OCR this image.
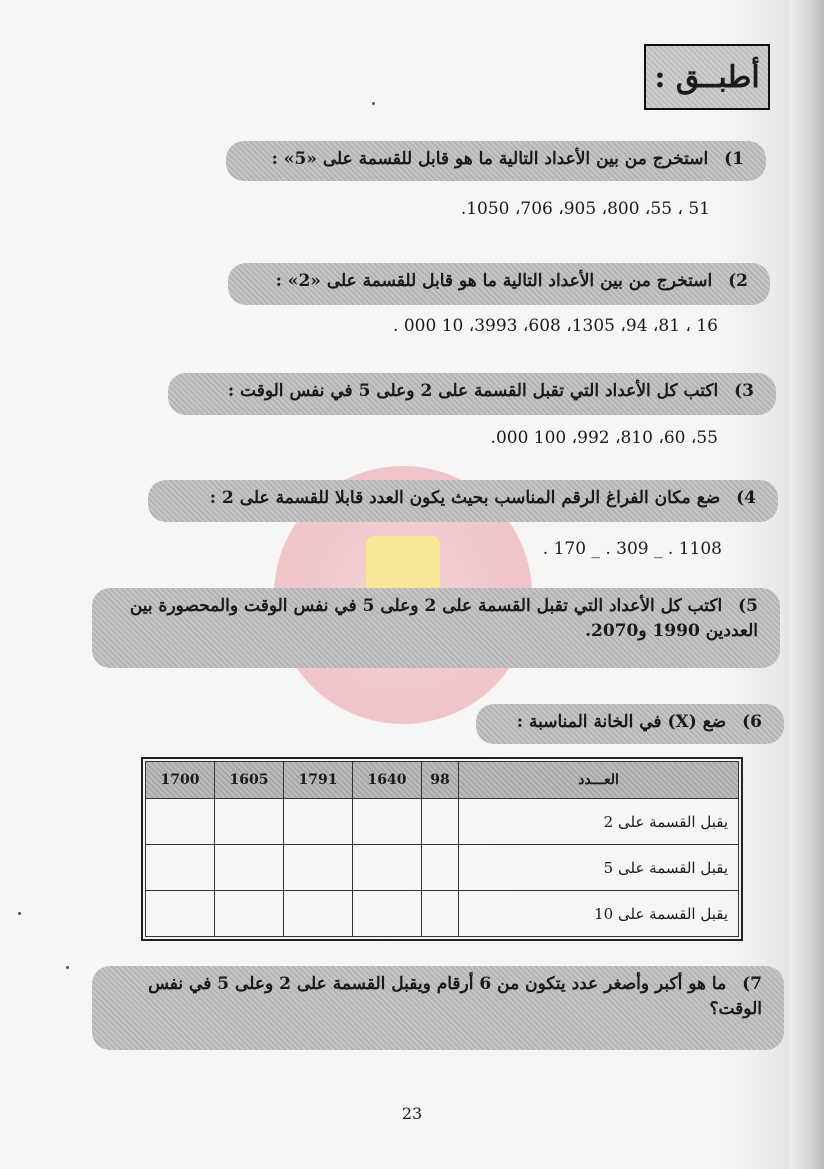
أطبــق :
1) استخرج من بين الأعداد التالية ما هو قابل للقسمة على «5» :
51 ، 55، 800، 905، 706، 1050.
2) استخرج من بين الأعداد التالية ما هو قابل للقسمة على «2» :
16 ، 81، 94، 1305، 608، 3993، 10 000 .
3) اكتب كل الأعداد التي تقبل القسمة على 2 وعلى 5 في نفس الوقت :
55، 60، 810، 992، 100 000.
4) ضع مكان الفراغ الرقم المناسب بحيث يكون العدد قابلا للقسمة على 2 :
. 170 _ . 309 _ . 1108
5) اكتب كل الأعداد التي تقبل القسمة على 2 وعلى 5 في نفس الوقت والمحصورة بين العددين 1990 و2070.
6) ضع (X) في الخانة المناسبة :
العـــدد	98	1640	1791	1605	1700
يقبل القسمة على 2					
يقبل القسمة على 5					
يقبل القسمة على 10					
7) ما هو أكبر وأصغر عدد يتكون من 6 أرقام ويقبل القسمة على 2 وعلى 5 في نفس الوقت؟
23
